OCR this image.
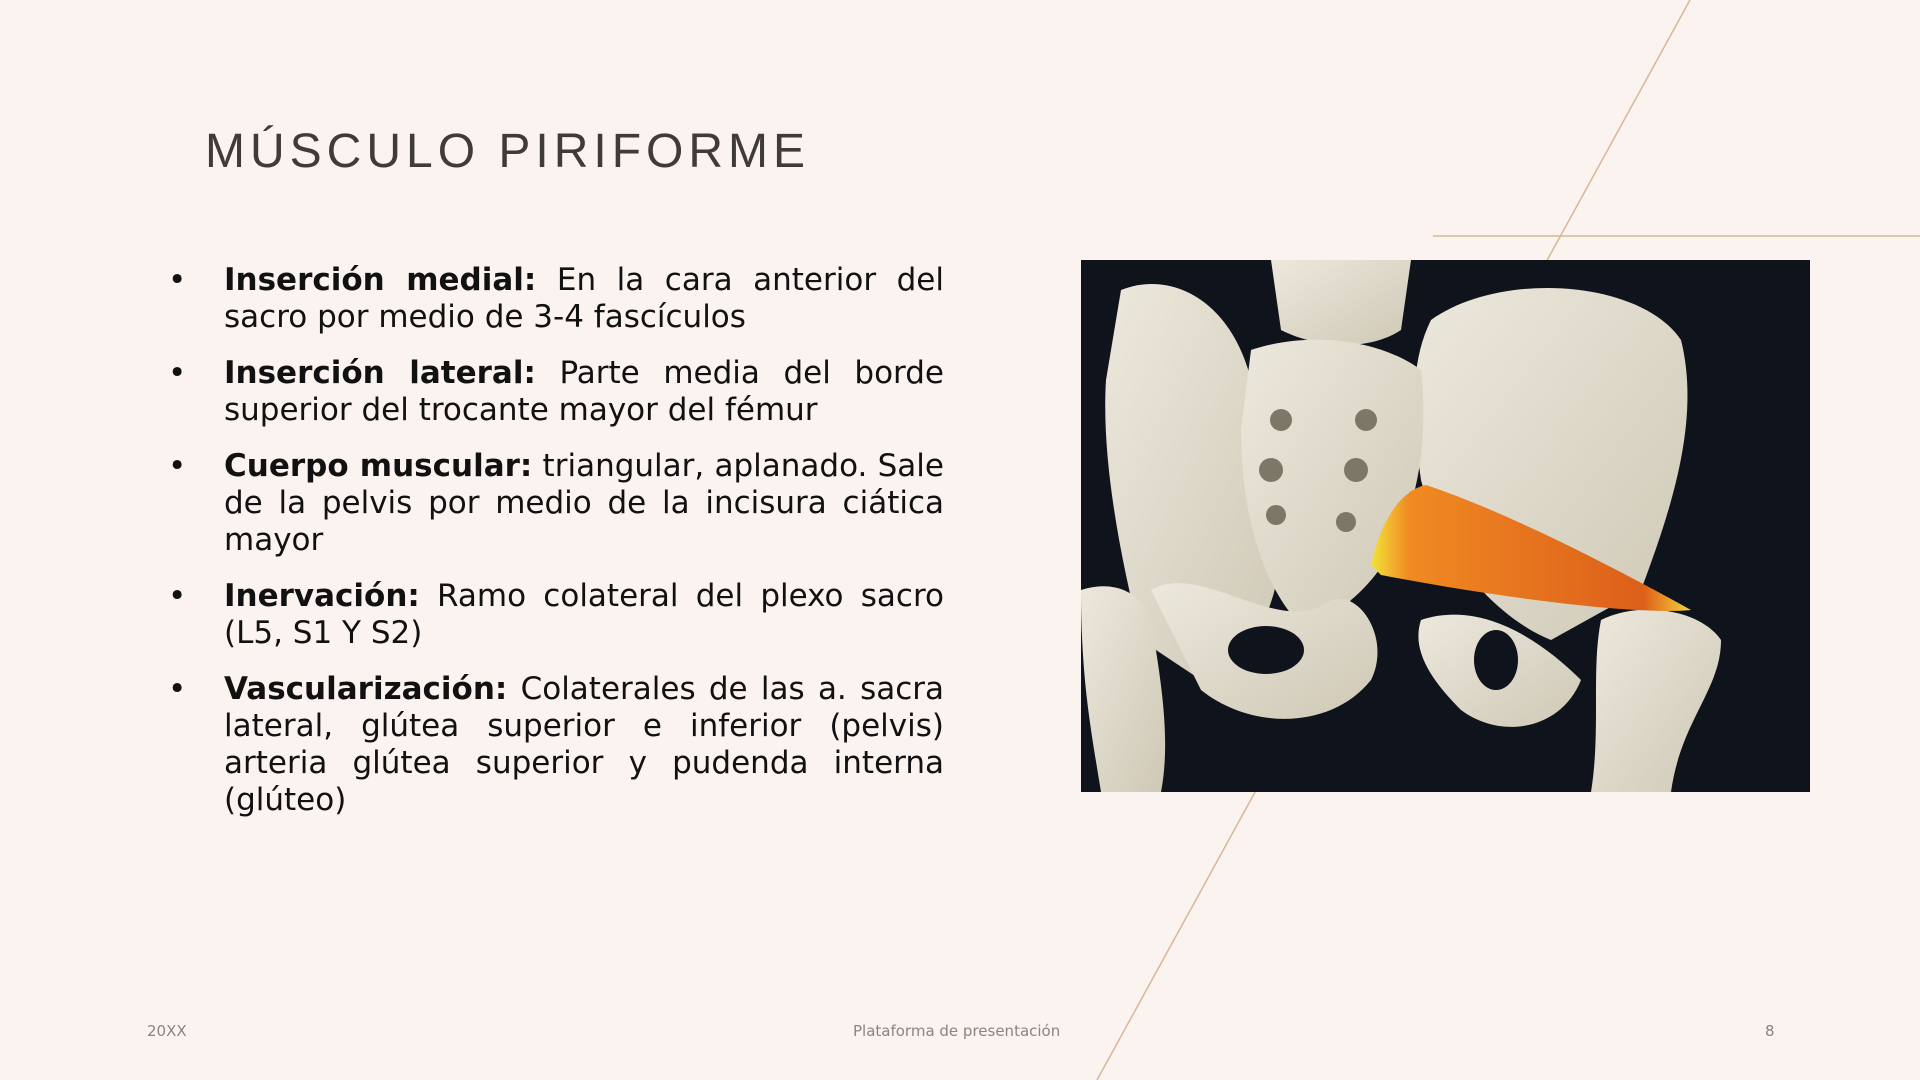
MÚSCULO PIRIFORME
• Inserción medial: En la cara anterior del sacro por medio de 3-4 fascículos
• Inserción lateral: Parte media del borde superior del trocante mayor del fémur
• Cuerpo muscular: triangular, aplanado. Sale de la pelvis por medio de la incisura ciática mayor
• Inervación: Ramo colateral del plexo sacro (L5, S1 Y S2)
• Vascularización: Colaterales de las a. sacra lateral, glútea superior e inferior (pelvis) arteria glútea superior y pudenda interna (glúteo)
20XX	Plataforma de presentación	8
